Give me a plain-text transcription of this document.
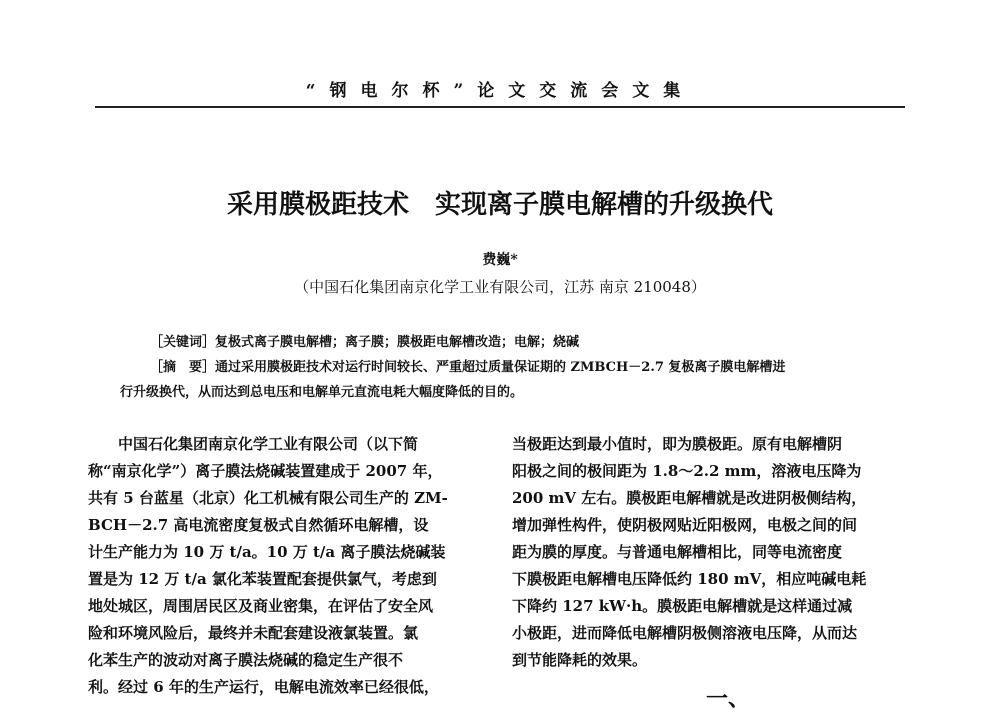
“钢电尔杯”论文交流会文集
采用膜极距技术　实现离子膜电解槽的升级换代
费巍*
（中国石化集团南京化学工业有限公司，江苏 南京 210048）
［关键词］复极式离子膜电解槽；离子膜；膜极距电解槽改造；电解；烧碱
［摘　要］通过采用膜极距技术对运行时间较长、严重超过质量保证期的 ZMBCH－2.7 复极离子膜电解槽进
行升级换代，从而达到总电压和电解单元直流电耗大幅度降低的目的。
　　中国石化集团南京化学工业有限公司（以下简
称“南京化学”）离子膜法烧碱装置建成于 2007 年，
共有 5 台蓝星（北京）化工机械有限公司生产的 ZM-
BCH－2.7 高电流密度复极式自然循环电解槽，设
计生产能力为 10 万 t/a。10 万 t/a 离子膜法烧碱装
置是为 12 万 t/a 氯化苯装置配套提供氯气，考虑到
地处城区，周围居民区及商业密集，在评估了安全风
险和环境风险后，最终并未配套建设液氯装置。氯
化苯生产的波动对离子膜法烧碱的稳定生产很不
利。经过 6 年的生产运行，电解电流效率已经很低，
当极距达到最小值时，即为膜极距。原有电解槽阴
阳极之间的极间距为 1.8～2.2 mm，溶液电压降为
200 mV 左右。膜极距电解槽就是改进阴极侧结构，
增加弹性构件，使阴极网贴近阳极网，电极之间的间
距为膜的厚度。与普通电解槽相比，同等电流密度
下膜极距电解槽电压降低约 180 mV，相应吨碱电耗
下降约 127 kW·h。膜极距电解槽就是这样通过减
小极距，进而降低电解槽阴极侧溶液电压降，从而达
到节能降耗的效果。
一、
